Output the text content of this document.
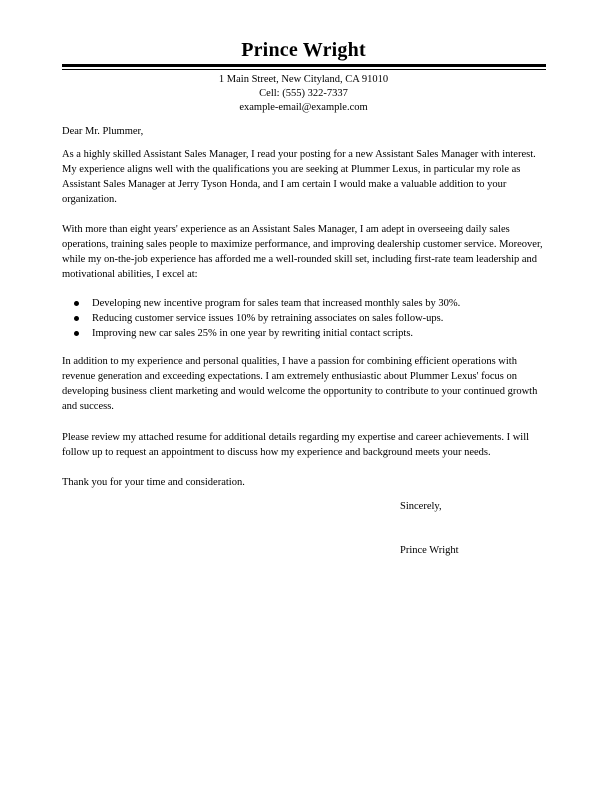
Prince Wright
1 Main Street, New Cityland, CA 91010
Cell: (555) 322-7337
example-email@example.com
Dear Mr. Plummer,
As a highly skilled Assistant Sales Manager, I read your posting for a new Assistant Sales Manager with interest. My experience aligns well with the qualifications you are seeking at Plummer Lexus, in particular my role as Assistant Sales Manager at Jerry Tyson Honda, and I am certain I would make a valuable addition to your organization.
With more than eight years' experience as an Assistant Sales Manager, I am adept in overseeing daily sales operations, training sales people to maximize performance, and improving dealership customer service. Moreover, while my on-the-job experience has afforded me a well-rounded skill set, including first-rate team leadership and motivational abilities, I excel at:
Developing new incentive program for sales team that increased monthly sales by 30%.
Reducing customer service issues 10% by retraining associates on sales follow-ups.
Improving new car sales 25% in one year by rewriting initial contact scripts.
In addition to my experience and personal qualities, I have a passion for combining efficient operations with revenue generation and exceeding expectations. I am extremely enthusiastic about Plummer Lexus' focus on developing business client marketing and would welcome the opportunity to contribute to your continued growth and success.
Please review my attached resume for additional details regarding my expertise and career achievements. I will follow up to request an appointment to discuss how my experience and background meets your needs.
Thank you for your time and consideration.
Sincerely,
Prince Wright
